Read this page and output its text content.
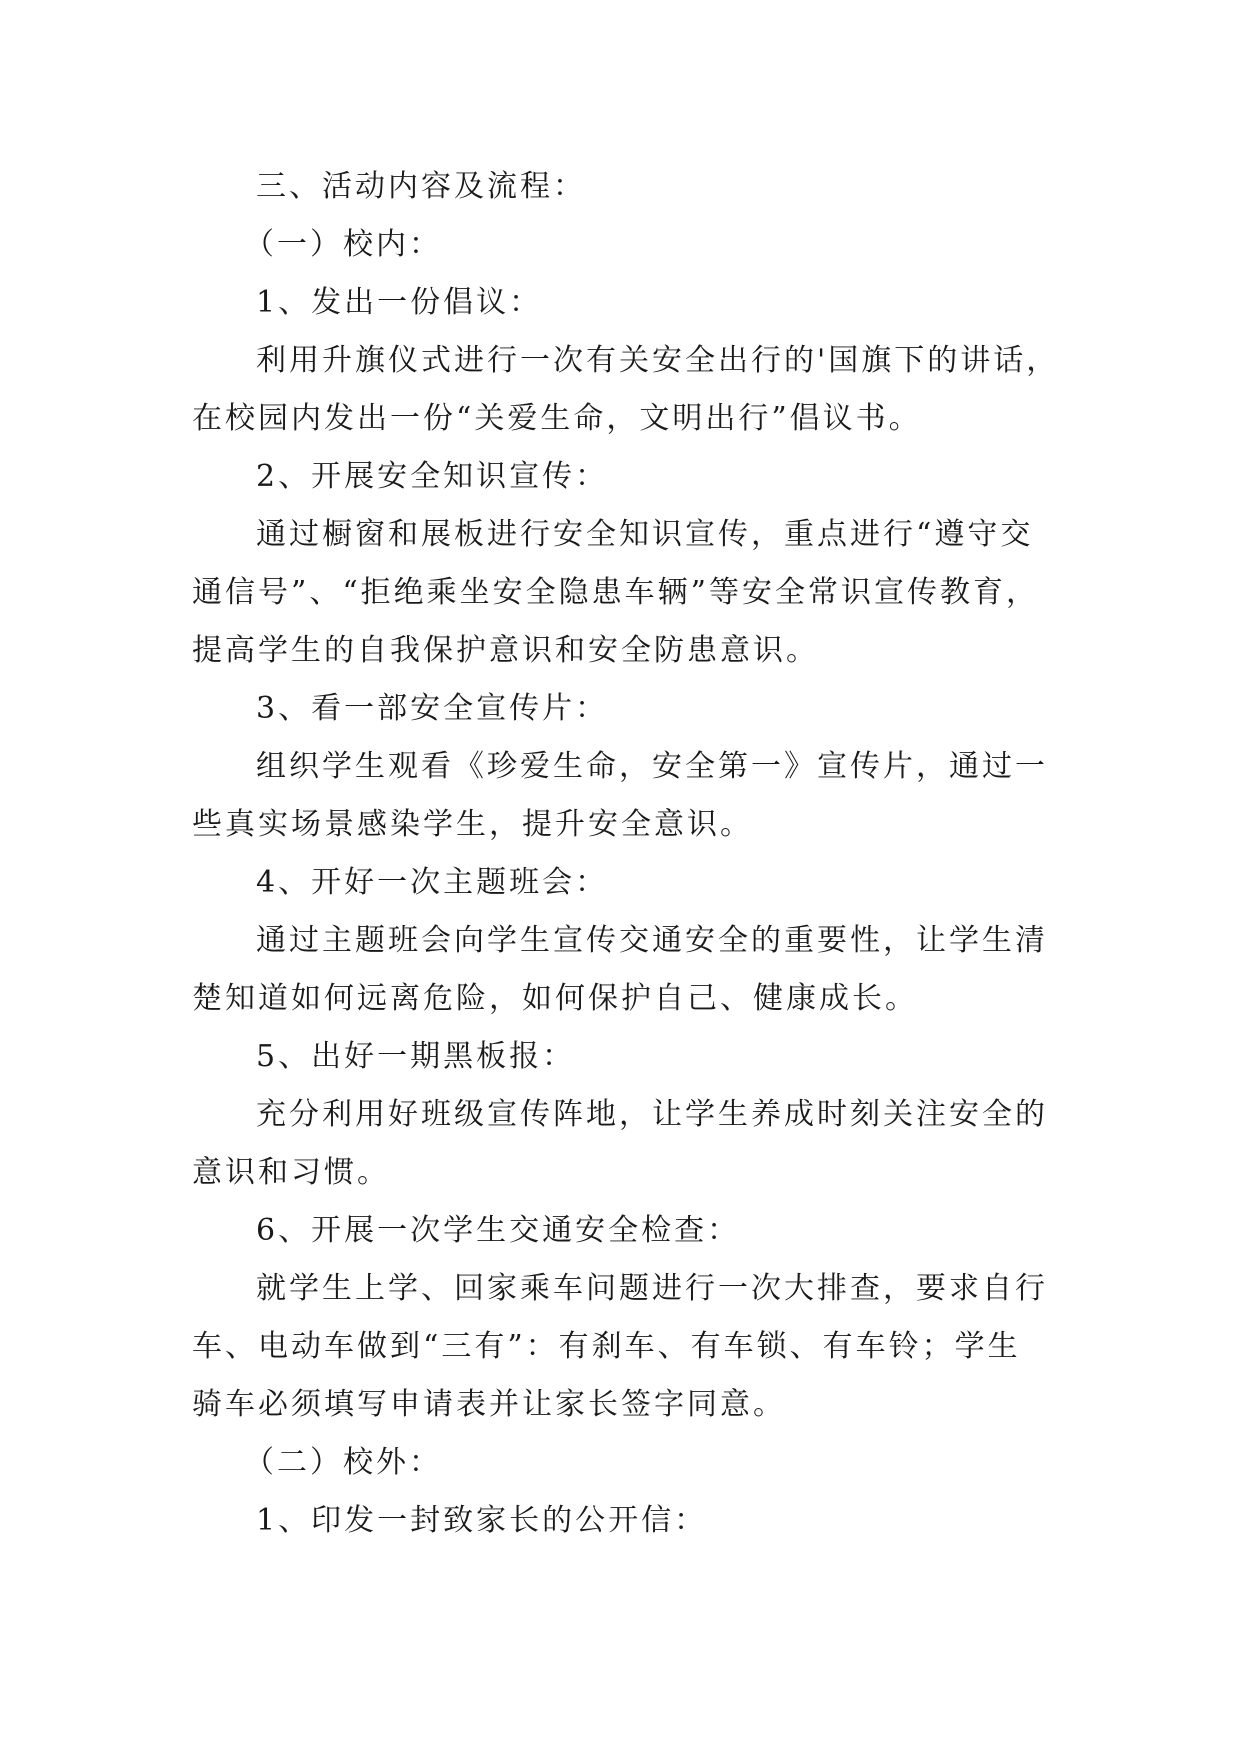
三、活动内容及流程：

（一）校内：

1、发出一份倡议：

利用升旗仪式进行一次有关安全出行的'国旗下的讲话，

在校园内发出一份“关爱生命，文明出行”倡议书。

2、开展安全知识宣传：

通过橱窗和展板进行安全知识宣传，重点进行“遵守交

通信号”、“拒绝乘坐安全隐患车辆”等安全常识宣传教育，

提高学生的自我保护意识和安全防患意识。

3、看一部安全宣传片：

组织学生观看《珍爱生命，安全第一》宣传片，通过一

些真实场景感染学生，提升安全意识。

4、开好一次主题班会：

通过主题班会向学生宣传交通安全的重要性，让学生清

楚知道如何远离危险，如何保护自己、健康成长。

5、出好一期黑板报：

充分利用好班级宣传阵地，让学生养成时刻关注安全的

意识和习惯。

6、开展一次学生交通安全检查：

就学生上学、回家乘车问题进行一次大排查，要求自行

车、电动车做到“三有”：有刹车、有车锁、有车铃；学生

骑车必须填写申请表并让家长签字同意。

（二）校外：

1、印发一封致家长的公开信：
